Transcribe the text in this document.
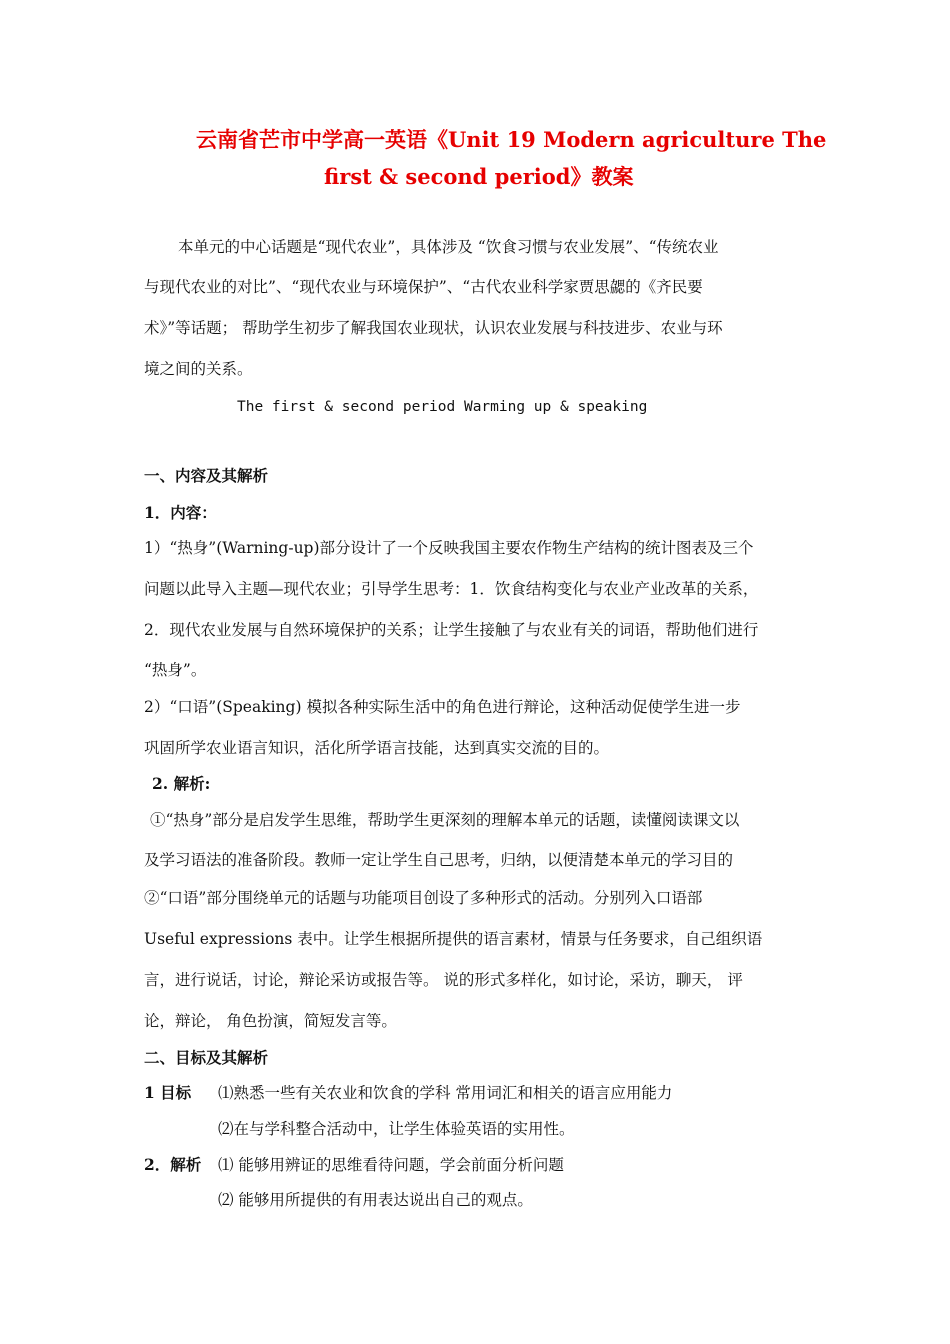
云南省芒市中学高一英语《Unit 19 Modern agriculture The
first & second period》教案
本单元的中心话题是“现代农业”，具体涉及 “饮食习惯与农业发展”、“传统农业
与现代农业的对比”、“现代农业与环境保护”、“古代农业科学家贾思勰的《齐民要
术》”等话题； 帮助学生初步了解我国农业现状，认识农业发展与科技进步、农业与环
境之间的关系。
The first & second period Warming up & speaking
一、内容及其解析
1．内容：
1）“热身”(Warning-up)部分设计了一个反映我国主要农作物生产结构的统计图表及三个
问题以此导入主题—现代农业；引导学生思考：1．饮食结构变化与农业产业改革的关系，
2．现代农业发展与自然环境保护的关系；让学生接触了与农业有关的词语，帮助他们进行
“热身”。
2）“口语”(Speaking) 模拟各种实际生活中的角色进行辩论，这种活动促使学生进一步
巩固所学农业语言知识，活化所学语言技能，达到真实交流的目的。
2. 解析:
①“热身”部分是启发学生思维，帮助学生更深刻的理解本单元的话题，读懂阅读课文以
及学习语法的准备阶段。教师一定让学生自己思考，归纳，以便清楚本单元的学习目的
②“口语”部分围绕单元的话题与功能项目创设了多种形式的活动。分别列入口语部
Useful expressions 表中。让学生根据所提供的语言素材，情景与任务要求，自己组织语
言，进行说话，讨论，辩论采访或报告等。 说的形式多样化，如讨论，采访，聊天， 评
论，辩论， 角色扮演，简短发言等。
二、目标及其解析
1 目标 ⑴熟悉一些有关农业和饮食的学科 常用词汇和相关的语言应用能力
⑵在与学科整合活动中，让学生体验英语的实用性。
2．解析 ⑴ 能够用辨证的思维看待问题，学会前面分析问题
⑵ 能够用所提供的有用表达说出自己的观点。
